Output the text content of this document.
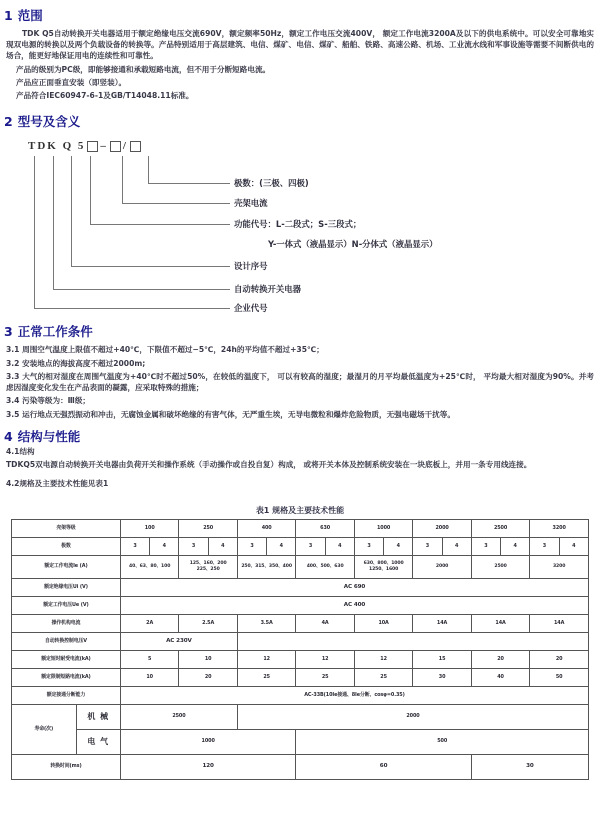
1 范围

TDK Q5自动转换开关电器适用于额定绝缘电压交流690V，额定频率50Hz，额定工作电压交流400V， 额定工作电流3200A及以下的供电系统中。可以安全可靠地实现双电源的转换以及两个负载设备的转换等。产品特别适用于高层建筑、电信、煤矿、电信、煤矿、船舶、铁路、高速公路、机场、工业流水线和军事设施等需要不间断供电的场合，能更好地保证用电的连续性和可靠性。

产品的级别为PC级，即能够接通和承载短路电流，但不用于分断短路电流。

产品应正面垂直安装（即竖装）。

产品符合IEC60947-6-1及GB/T14048.11标准。

2 型号及含义
TDK Q 5 – /
极数：(三极、四极)
壳架电流
功能代号：L-二段式；S-三段式；
Y-一体式（液晶显示）N-分体式（液晶显示）
设计序号
自动转换开关电器
企业代号
3 正常工作条件

3.1 周围空气温度上限值不超过+40℃，下限值不超过−5℃，24h的平均值不超过+35℃；

3.2 安装地点的海拔高度不超过2000m;

3.3 大气的相对湿度在周围气温度为+40℃时不超过50%，在较低的温度下， 可以有较高的湿度；最湿月的月平均最低温度为+25℃时， 平均最大相对湿度为90%。并考虑因湿度变化发生在产品表面的凝露，应采取特殊的措施；

3.4 污染等级为：Ⅲ级；

3.5 运行地点无强烈振动和冲击，无腐蚀金属和破坏绝缘的有害气体，无严重生埃，无导电微粒和爆炸危险物质，无强电磁场干扰等。

4 结构与性能

4.1结构

TDKQ5双电源自动转换开关电器由负荷开关和操作系统（手动操作或自投自复）构成， 或将开关本体及控制系统安装在一块底板上，并用一条专用线连接。

4.2规格及主要技术性能见表1

表1 规格及主要技术性能
壳架等级		100		250		400		630		1000		2000		2500		3200	
极数		3	4	3	4	3	4	3	4	3	4	3	4	3	4	3	4
额定工作电流Ie (A)		40、63、80、100		125、160、200
225、250		250、315、350、400		400、500、630		630、800、1000
1250、1600		2000		2500		3200	
额定绝缘电压Ui (V)		AC 690															
额定工作电压Ue (V)		AC 400															
操作机构电流		2A		2.5A		3.5A		4A		10A		14A		14A		14A	
自动转换控制电压V		AC 230V															
额定短时耐受电流(kA)		5		10		12		12		12		15		20		20	
额定限制短路电流(kA)		10		20		25		25		25		30		40		50	
额定接通分断能力		AC-33B(10Ie接通、8Ie分断、cosφ=0.35)															
寿命(次)	机 械	2500				2000											
	电 气	1000						500									
转换时间(ms)		120						60						30			
